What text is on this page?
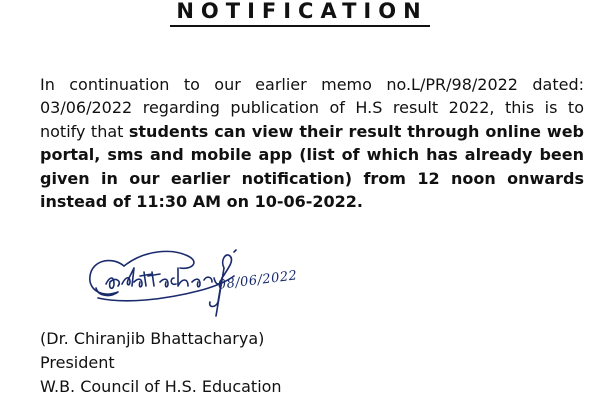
NOTIFICATION

In continuation to our earlier memo no.L/PR/98/2022 dated: 03/06/2022 regarding publication of H.S result 2022, this is to notify that students can view their result through online web portal, sms and mobile app (list of which has already been given in our earlier notification) from 12 noon onwards instead of 11:30 AM on 10-06-2022.

08/06/2022
(Dr. Chiranjib Bhattacharya)
President
W.B. Council of H.S. Education
